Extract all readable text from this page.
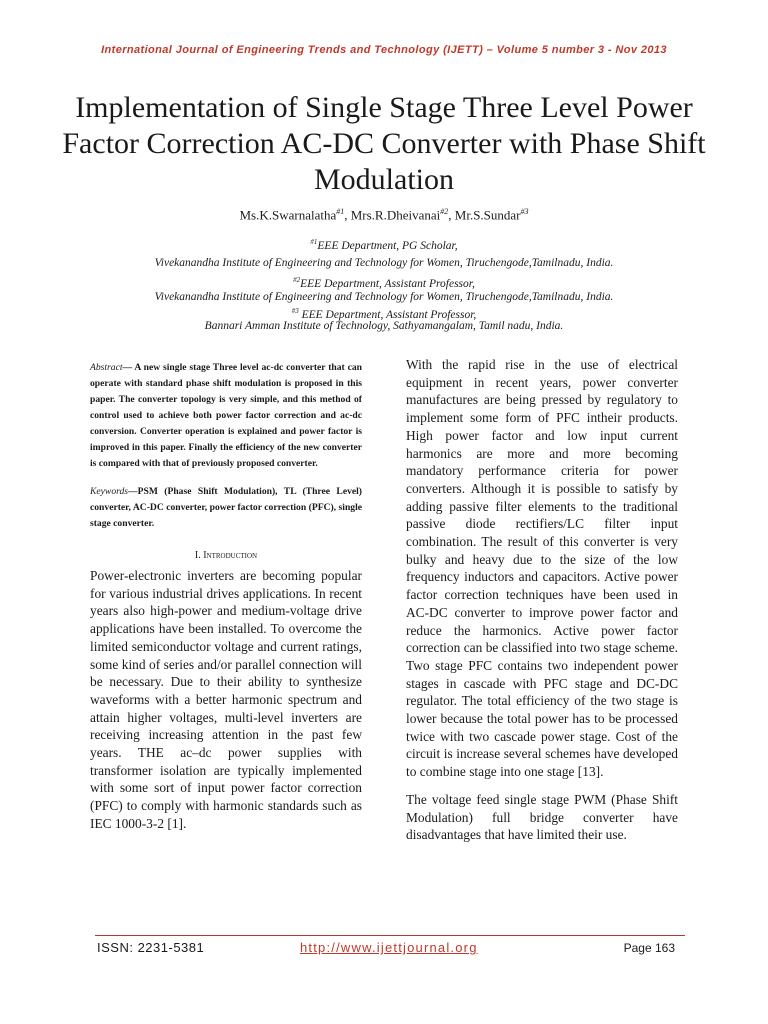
International Journal of Engineering Trends and Technology (IJETT) – Volume 5 number 3 - Nov 2013
Implementation of Single Stage Three Level Power Factor Correction AC-DC Converter with Phase Shift Modulation
Ms.K.Swarnalatha$^{\#1}$, Mrs.R.Dheivanai$^{\#2}$, Mr.S.Sundar$^{\#3}$
$^{\#1}$EEE Department, PG Scholar,
Vivekanandha Institute of Engineering and Technology for Women, Tiruchengode,Tamilnadu, India.
$^{\#2}$EEE Department, Assistant Professor,
Vivekanandha Institute of Engineering and Technology for Women, Tiruchengode,Tamilnadu, India.
$^{\#3}$ EEE Department, Assistant Professor,
Bannari Amman Institute of Technology, Sathyamangalam, Tamil nadu, India.

Abstract— A new single stage Three level ac-dc converter that can operate with standard phase shift modulation is proposed in this paper. The converter topology is very simple, and this method of control used to achieve both power factor correction and ac-dc conversion. Converter operation is explained and power factor is improved in this paper. Finally the efficiency of the new converter is compared with that of previously proposed converter.

Keywords—PSM (Phase Shift Modulation), TL (Three Level) converter, AC-DC converter, power factor correction (PFC), single stage converter.

I. Introduction

Power-electronic inverters are becoming popular for various industrial drives applications. In recent years also high-power and medium-voltage drive applications have been installed. To overcome the limited semiconductor voltage and current ratings, some kind of series and/or parallel connection will be necessary. Due to their ability to synthesize waveforms with a better harmonic spectrum and attain higher voltages, multi-level inverters are receiving increasing attention in the past few years. THE ac–dc power supplies with transformer isolation are typically implemented with some sort of input power factor correction (PFC) to comply with harmonic standards such as IEC 1000-3-2 [1].

With the rapid rise in the use of electrical equipment in recent years, power converter manufactures are being pressed by regulatory to implement some form of PFC intheir products. High power factor and low input current harmonics are more and more becoming mandatory performance criteria for power converters. Although it is possible to satisfy by adding passive filter elements to the traditional passive diode rectifiers/LC filter input combination. The result of this converter is very bulky and heavy due to the size of the low frequency inductors and capacitors. Active power factor correction techniques have been used in AC-DC converter to improve power factor and reduce the harmonics. Active power factor correction can be classified into two stage scheme. Two stage PFC contains two independent power stages in cascade with PFC stage and DC-DC regulator. The total efficiency of the two stage is lower because the total power has to be processed twice with two cascade power stage. Cost of the circuit is increase several schemes have developed to combine stage into one stage [13].

The voltage feed single stage PWM (Phase Shift Modulation) full bridge converter have disadvantages that have limited their use.

ISSN: 2231-5381	http://www.ijettjournal.org	Page 163
